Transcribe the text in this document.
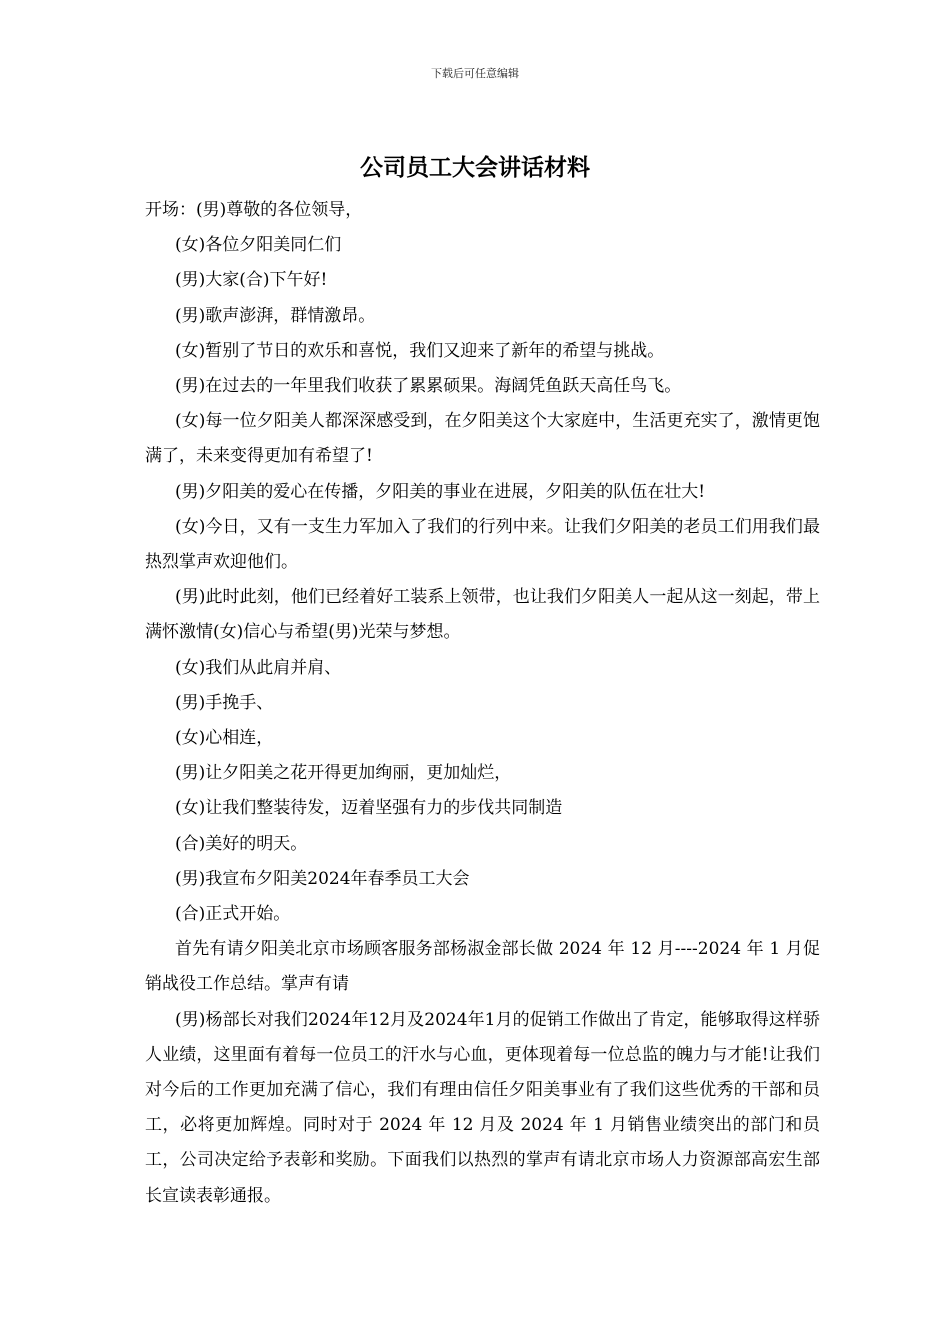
下载后可任意编辑
公司员工大会讲话材料

开场：(男)尊敬的各位领导，

(女)各位夕阳美同仁们

(男)大家(合)下午好!

(男)歌声澎湃，群情激昂。

(女)暂别了节日的欢乐和喜悦，我们又迎来了新年的希望与挑战。

(男)在过去的一年里我们收获了累累硕果。海阔凭鱼跃天高任鸟飞。

(女)每一位夕阳美人都深深感受到，在夕阳美这个大家庭中，生活更充实了，激情更饱满了，未来变得更加有希望了!

(男)夕阳美的爱心在传播，夕阳美的事业在进展，夕阳美的队伍在壮大!

(女)今日，又有一支生力军加入了我们的行列中来。让我们夕阳美的老员工们用我们最热烈掌声欢迎他们。

(男)此时此刻，他们已经着好工装系上领带，也让我们夕阳美人一起从这一刻起，带上满怀激情(女)信心与希望(男)光荣与梦想。

(女)我们从此肩并肩、

(男)手挽手、

(女)心相连，

(男)让夕阳美之花开得更加绚丽，更加灿烂，

(女)让我们整装待发，迈着坚强有力的步伐共同制造

(合)美好的明天。

(男)我宣布夕阳美2024年春季员工大会

(合)正式开始。

首先有请夕阳美北京市场顾客服务部杨淑金部长做 2024 年 12 月----2024 年 1 月促销战役工作总结。掌声有请

(男)杨部长对我们2024年12月及2024年1月的促销工作做出了肯定，能够取得这样骄人业绩，这里面有着每一位员工的汗水与心血，更体现着每一位总监的魄力与才能!让我们对今后的工作更加充满了信心，我们有理由信任夕阳美事业有了我们这些优秀的干部和员工，必将更加辉煌。同时对于 2024 年 12 月及 2024 年 1 月销售业绩突出的部门和员工，公司决定给予表彰和奖励。下面我们以热烈的掌声有请北京市场人力资源部高宏生部长宣读表彰通报。
